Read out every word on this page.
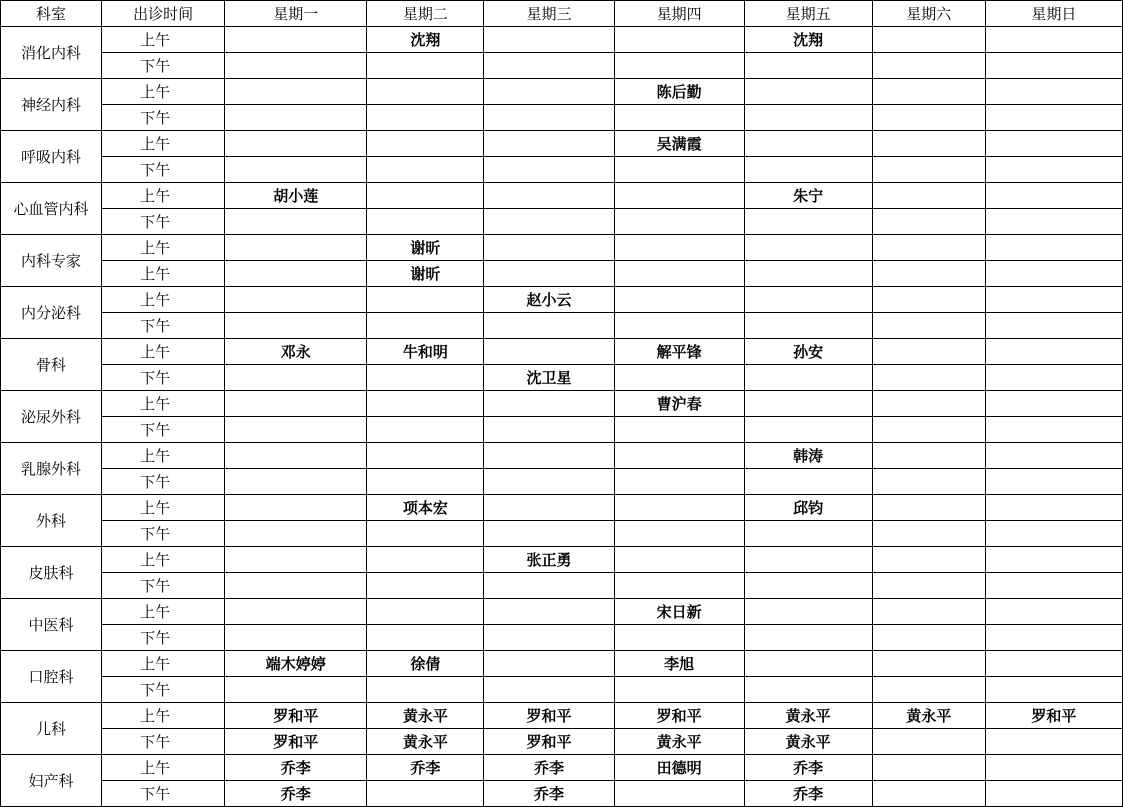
科室	出诊时间	星期一	星期二	星期三	星期四	星期五	星期六	星期日
消化内科	上午		沈翔			沈翔		
	下午							
神经内科	上午				陈后勤			
	下午							
呼吸内科	上午				吴满霞			
	下午							
心血管内科	上午	胡小莲				朱宁		
	下午							
内科专家	上午		谢昕					
	上午		谢昕					
内分泌科	上午			赵小云				
	下午							
骨科	上午	邓永	牛和明		解平锋	孙安		
	下午			沈卫星				
泌尿外科	上午				曹沪春			
	下午							
乳腺外科	上午					韩涛		
	下午							
外科	上午		项本宏			邱钧		
	下午							
皮肤科	上午			张正勇				
	下午							
中医科	上午				宋日新			
	下午							
口腔科	上午	端木婷婷	徐倩		李旭			
	下午							
儿科	上午	罗和平	黄永平	罗和平	罗和平	黄永平	黄永平	罗和平
	下午	罗和平	黄永平	罗和平	黄永平	黄永平		
妇产科	上午	乔李	乔李	乔李	田德明	乔李		
	下午	乔李		乔李		乔李		
